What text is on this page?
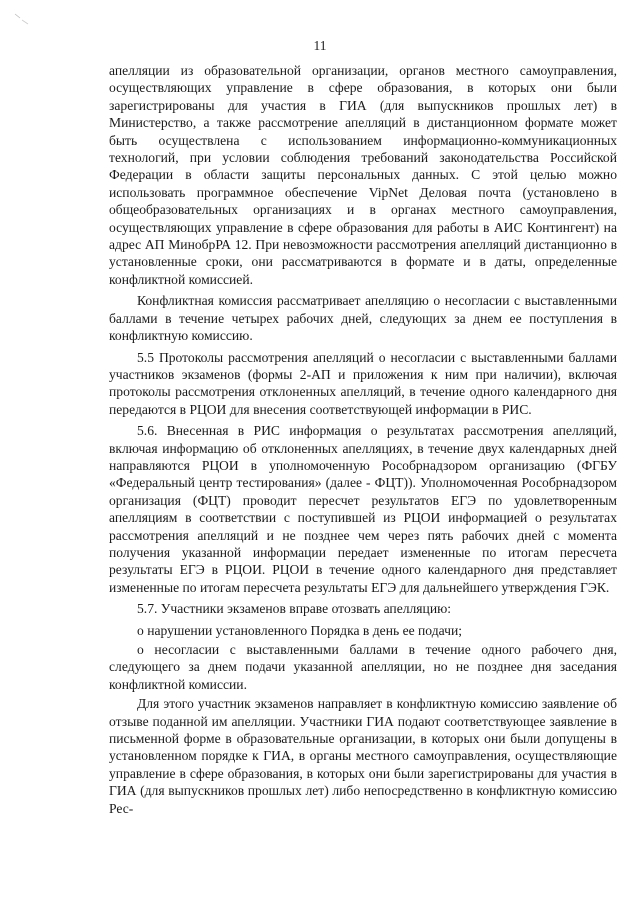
11

апелляции из образовательной организации, органов местного самоуправления, осуществляющих управление в сфере образования, в которых они были зарегистрированы для участия в ГИА (для выпускников прошлых лет) в Министерство, а также рассмотрение апелляций в дистанционном формате может быть осуществлена с использованием информационно-коммуникационных технологий, при условии соблюдения требований законодательства Российской Федерации в области защиты персональных данных. С этой целью можно использовать программное обеспечение VipNet Деловая почта (установлено в общеобразовательных организациях и в органах местного самоуправления, осуществляющих управление в сфере образования для работы в АИС Контингент) на адрес АП МинобрРА 12. При невозможности рассмотрения апелляций дистанционно в установленные сроки, они рассматриваются в формате и в даты, определенные конфликтной комиссией.

Конфликтная комиссия рассматривает апелляцию о несогласии с выставленными баллами в течение четырех рабочих дней, следующих за днем ее поступления в конфликтную комиссию.

5.5 Протоколы рассмотрения апелляций о несогласии с выставленными баллами участников экзаменов (формы 2-АП и приложения к ним при наличии), включая протоколы рассмотрения отклоненных апелляций, в течение одного календарного дня передаются в РЦОИ для внесения соответствующей информации в РИС.

5.6. Внесенная в РИС информация о результатах рассмотрения апелляций, включая информацию об отклоненных апелляциях, в течение двух календарных дней направляются РЦОИ в уполномоченную Рособрнадзором организацию (ФГБУ «Федеральный центр тестирования» (далее - ФЦТ)). Уполномоченная Рособрнадзором организация (ФЦТ) проводит пересчет результатов ЕГЭ по удовлетворенным апелляциям в соответствии с поступившей из РЦОИ информацией о результатах рассмотрения апелляций и не позднее чем через пять рабочих дней с момента получения указанной информации передает измененные по итогам пересчета результаты ЕГЭ в РЦОИ. РЦОИ в течение одного календарного дня представляет измененные по итогам пересчета результаты ЕГЭ для дальнейшего утверждения ГЭК.

5.7. Участники экзаменов вправе отозвать апелляцию:

о нарушении установленного Порядка в день ее подачи;

о несогласии с выставленными баллами в течение одного рабочего дня, следующего за днем подачи указанной апелляции, но не позднее дня заседания конфликтной комиссии.

Для этого участник экзаменов направляет в конфликтную комиссию заявление об отзыве поданной им апелляции. Участники ГИА подают соответствующее заявление в письменной форме в образовательные организации, в которых они были допущены в установленном порядке к ГИА, в органы местного самоуправления, осуществляющие управление в сфере образования, в которых они были зарегистрированы для участия в ГИА (для выпускников прошлых лет) либо непосредственно в конфликтную комиссию Рес-
